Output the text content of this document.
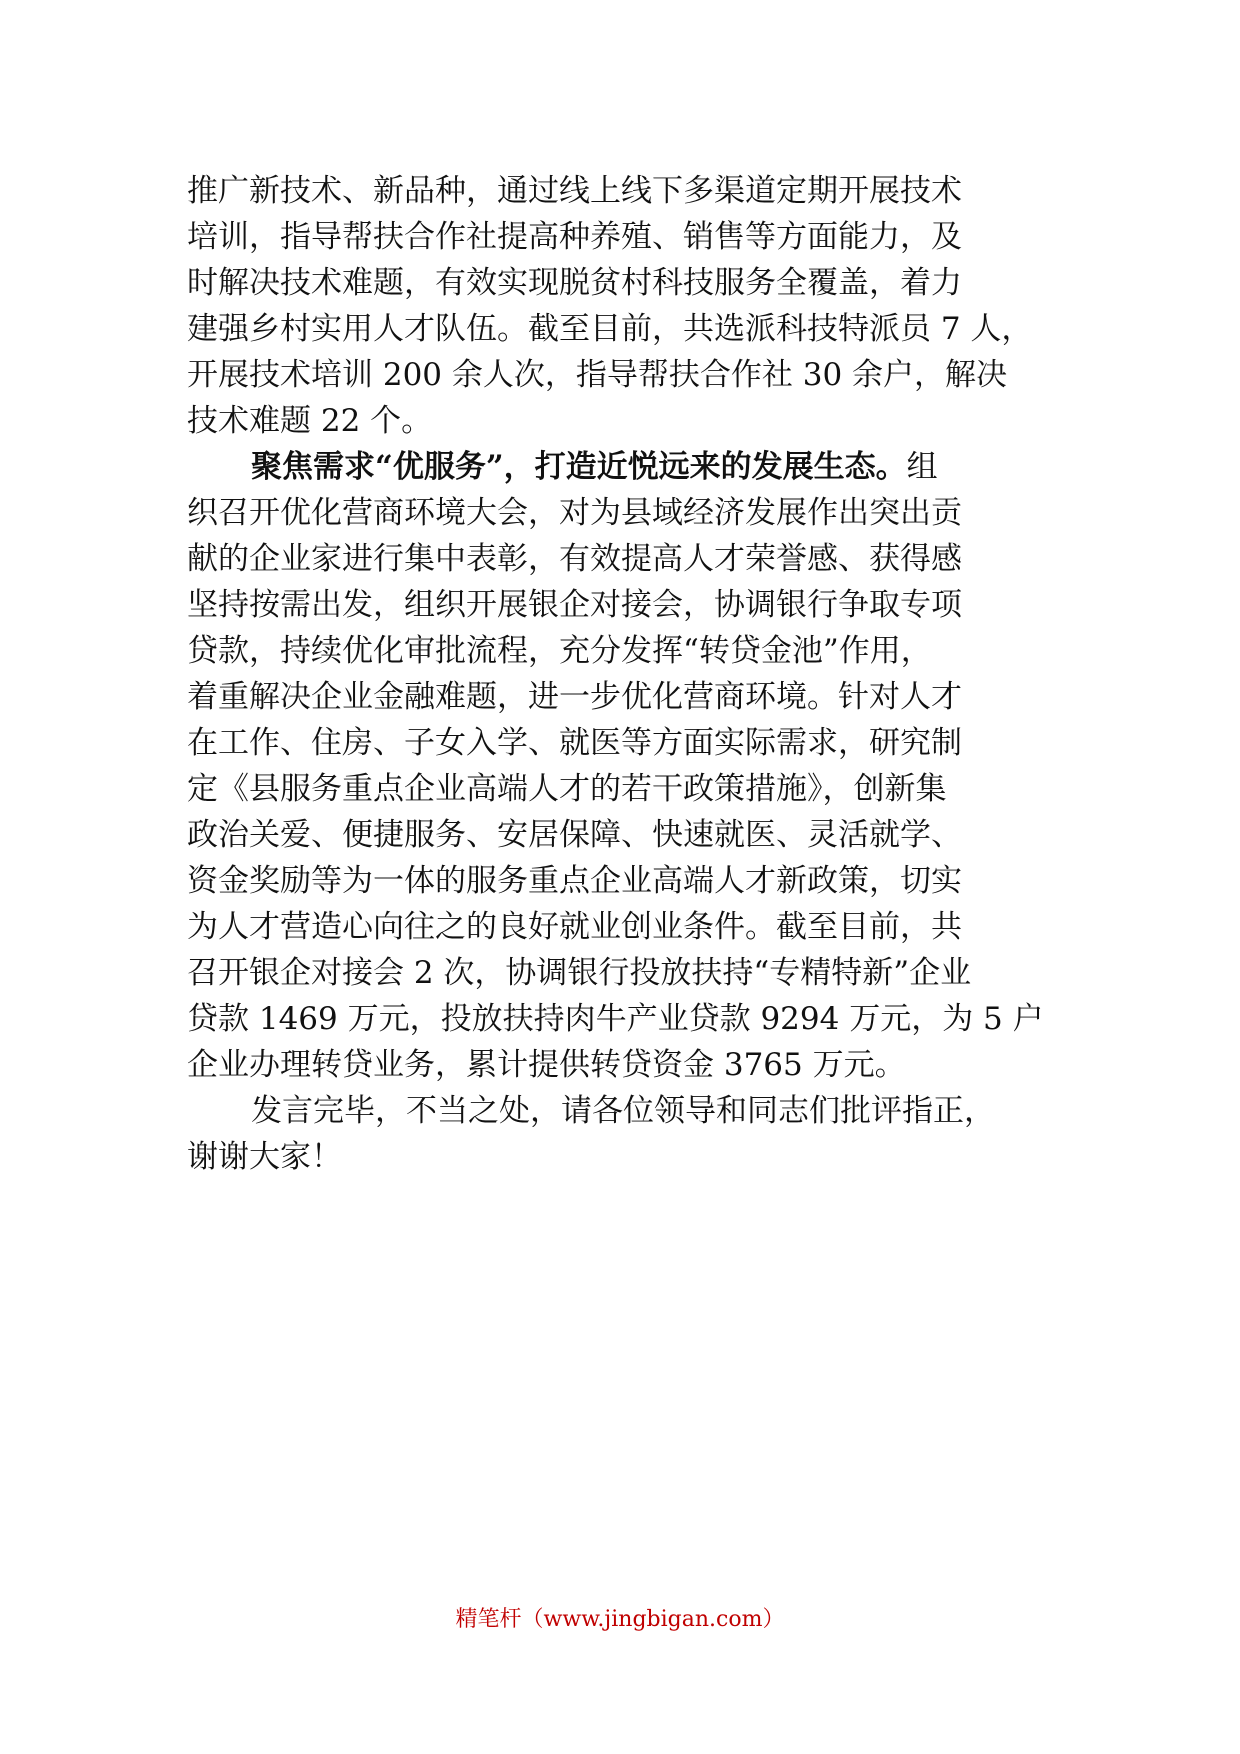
推广新技术、新品种，通过线上线下多渠道定期开展技术
培训，指导帮扶合作社提高种养殖、销售等方面能力，及
时解决技术难题，有效实现脱贫村科技服务全覆盖，着力
建强乡村实用人才队伍。截至目前，共选派科技特派员 7 人，
开展技术培训 200 余人次，指导帮扶合作社 30 余户，解决
技术难题 22 个。
聚焦需求“优服务”，打造近悦远来的发展生态。组
织召开优化营商环境大会，对为县域经济发展作出突出贡
献的企业家进行集中表彰，有效提高人才荣誉感、获得感
坚持按需出发，组织开展银企对接会，协调银行争取专项
贷款，持续优化审批流程，充分发挥“转贷金池”作用，
着重解决企业金融难题，进一步优化营商环境。针对人才
在工作、住房、子女入学、就医等方面实际需求，研究制
定《县服务重点企业高端人才的若干政策措施》，创新集
政治关爱、便捷服务、安居保障、快速就医、灵活就学、
资金奖励等为一体的服务重点企业高端人才新政策，切实
为人才营造心向往之的良好就业创业条件。截至目前，共
召开银企对接会 2 次，协调银行投放扶持“专精特新”企业
贷款 1469 万元，投放扶持肉牛产业贷款 9294 万元，为 5 户
企业办理转贷业务，累计提供转贷资金 3765 万元。
发言完毕，不当之处，请各位领导和同志们批评指正，
谢谢大家！
精笔杆（www.jingbigan.com）
